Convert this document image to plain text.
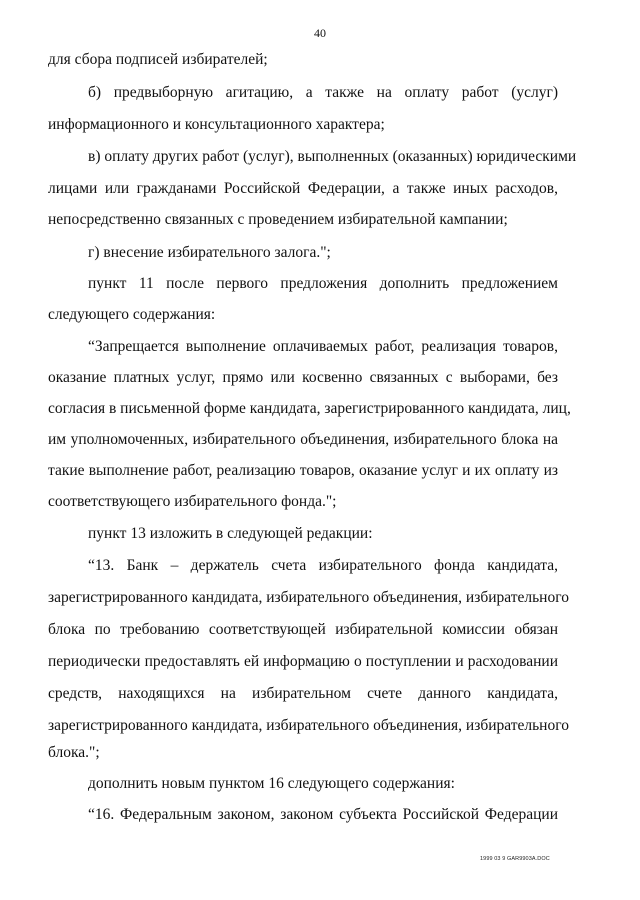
40
для сбора подписей избирателей;
б) предвыборную агитацию, а также на оплату работ (услуг)
информационного и консультационного характера;
в) оплату других работ (услуг), выполненных (оказанных) юридическими
лицами или гражданами Российской Федерации, а также иных расходов,
непосредственно связанных с проведением избирательной кампании;
г) внесение избирательного залога.";
пункт 11 после первого предложения дополнить предложением
следующего содержания:
“Запрещается выполнение оплачиваемых работ, реализация товаров,
оказание платных услуг, прямо или косвенно связанных с выборами, без
согласия в письменной форме кандидата, зарегистрированного кандидата, лиц,
им уполномоченных, избирательного объединения, избирательного блока на
такие выполнение работ, реализацию товаров, оказание услуг и их оплату из
соответствующего избирательного фонда.";
пункт 13 изложить в следующей редакции:
“13. Банк – держатель счета избирательного фонда кандидата,
зарегистрированного кандидата, избирательного объединения, избирательного
блока по требованию соответствующей избирательной комиссии обязан
периодически предоставлять ей информацию о поступлении и расходовании
средств, находящихся на избирательном счете данного кандидата,
зарегистрированного кандидата, избирательного объединения, избирательного
блока.";
дополнить новым пунктом 16 следующего содержания:
“16. Федеральным законом, законом субъекта Российской Федерации
1999 03 9 GAR9903A.DOC
